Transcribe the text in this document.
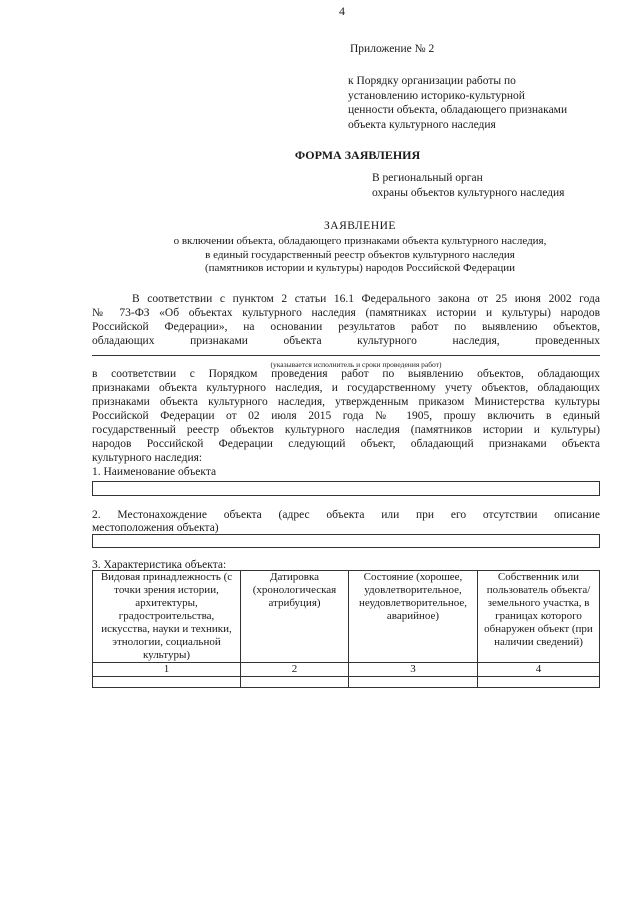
4
Приложение № 2
к Порядку организации работы по
установлению историко-культурной
ценности объекта, обладающего признаками
объекта культурного наследия
ФОРМА ЗАЯВЛЕНИЯ
В региональный орган
охраны объектов культурного наследия
ЗАЯВЛЕНИЕ
о включении объекта, обладающего признаками объекта культурного наследия,
в единый государственный реестр объектов культурного наследия
(памятников истории и культуры) народов Российской Федерации
В соответствии с пунктом 2 статьи 16.1 Федерального закона от 25 июня 2002 года
№ 73-ФЗ «Об объектах культурного наследия (памятниках истории и культуры) народов
Российской Федерации», на основании результатов работ по выявлению объектов,
обладающих признаками объекта культурного наследия, проведенных
(указывается исполнитель и сроки проведения работ)
в соответствии с Порядком проведения работ по выявлению объектов, обладающих
признаками объекта культурного наследия, и государственному учету объектов, обладающих
признаками объекта культурного наследия, утвержденным приказом Министерства культуры
Российской Федерации от 02 июля 2015 года № 1905, прошу включить в единый
государственный реестр объектов культурного наследия (памятников истории и культуры)
народов Российской Федерации следующий объект, обладающий признаками объекта
культурного наследия:
1. Наименование объекта
2. Местонахождение объекта (адрес объекта или при его отсутствии описание
местоположения объекта)
3. Характеристика объекта:
Видовая принадлежность (с точки зрения истории, архитектуры, градостроительства, искусства, науки и техники, этнологии, социальной культуры)	Датировка (хронологическая атрибуция)	Состояние (хорошее, удовлетворительное, неудовлетворительное, аварийное)	Собственник или пользователь объекта/ земельного участка, в границах которого обнаружен объект (при наличии сведений)
1	2	3	4
